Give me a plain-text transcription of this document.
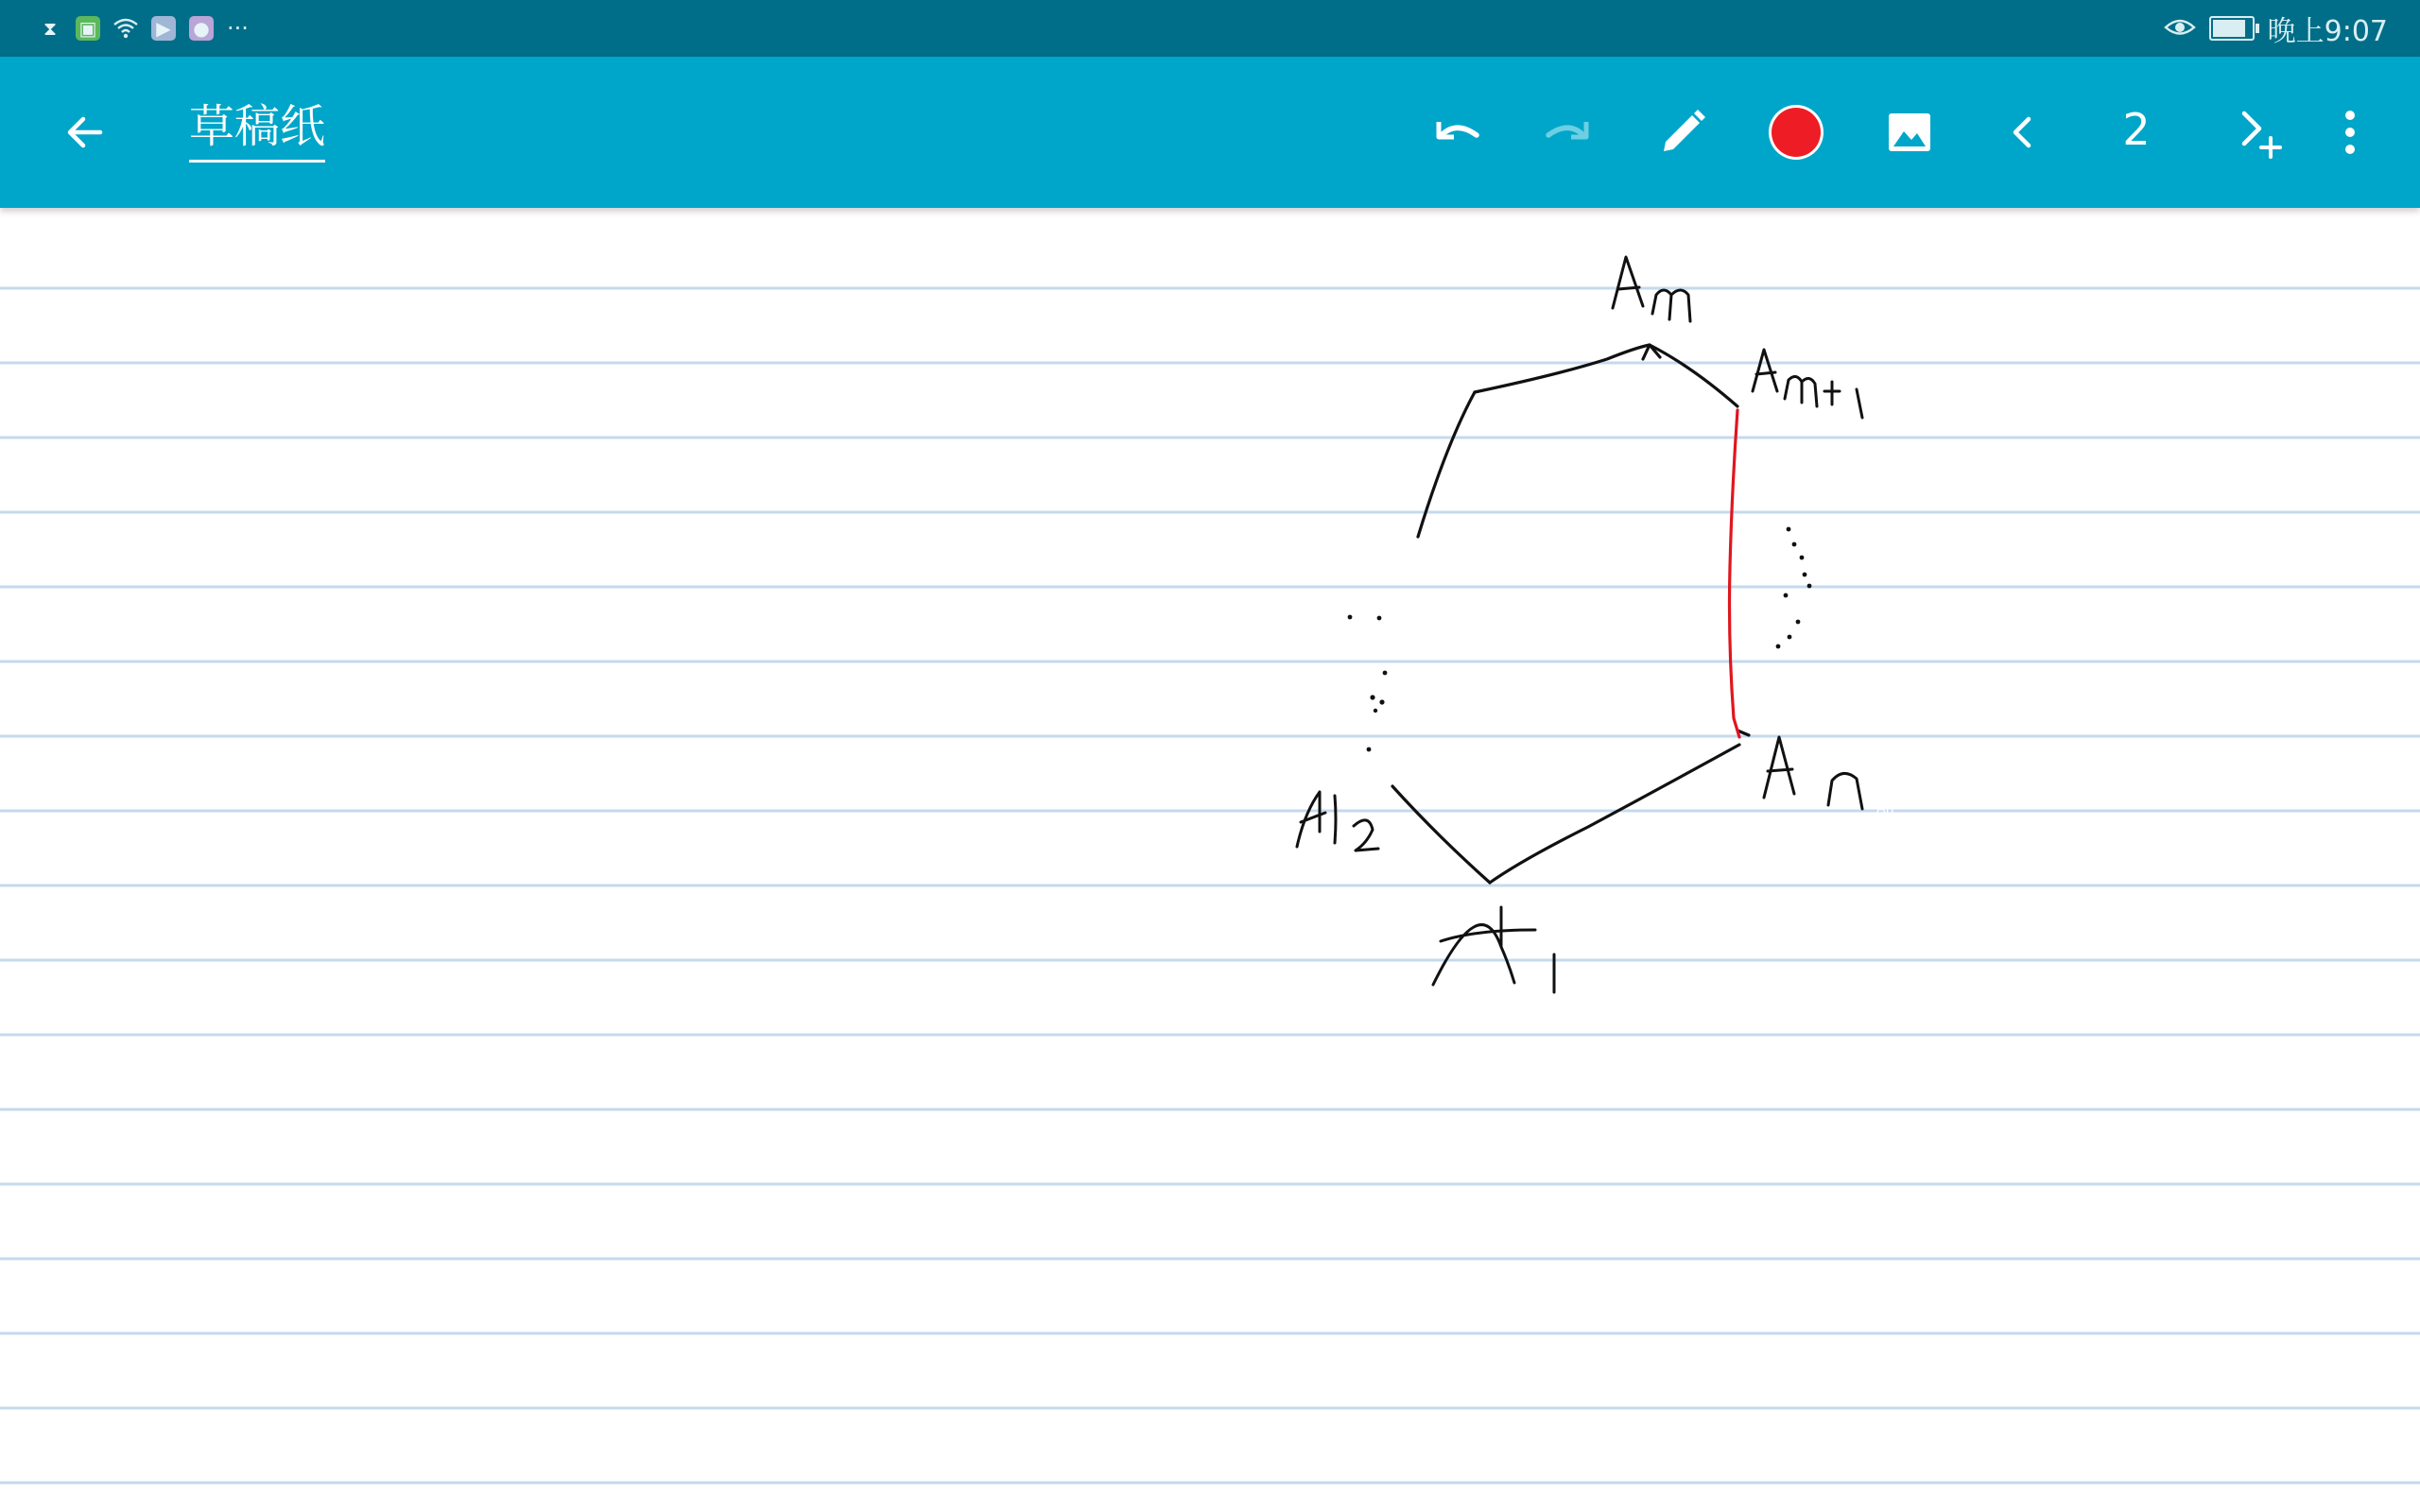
⧗ ▣	▶ ● ···	晚上9:07
草稿纸	2
Am
Am+1
An
A2
A1
